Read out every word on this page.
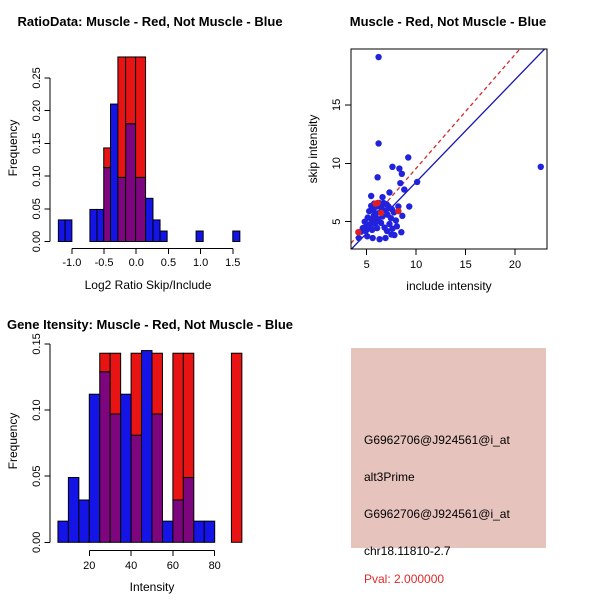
-1.0 -0.5 0.0 0.5 1.0 1.5
0.00
0.05
0.10
0.15
0.20
0.25
RatioData: Muscle - Red, Not Muscle - Blue
Log2 Ratio Skip/Include
Frequency
5	10	15	20
5
10
15
Muscle - Red, Not Muscle - Blue
include intensity
skip intensity
20	40	60	80
0.00
0.05
0.10
0.15
Gene Itensity: Muscle - Red, Not Muscle - Blue
Intensity
Frequency	G6962706@J924561@i_at

alt3Prime

G6962706@J924561@i_at

chr18.11810-2.7

Pval: 2.000000
